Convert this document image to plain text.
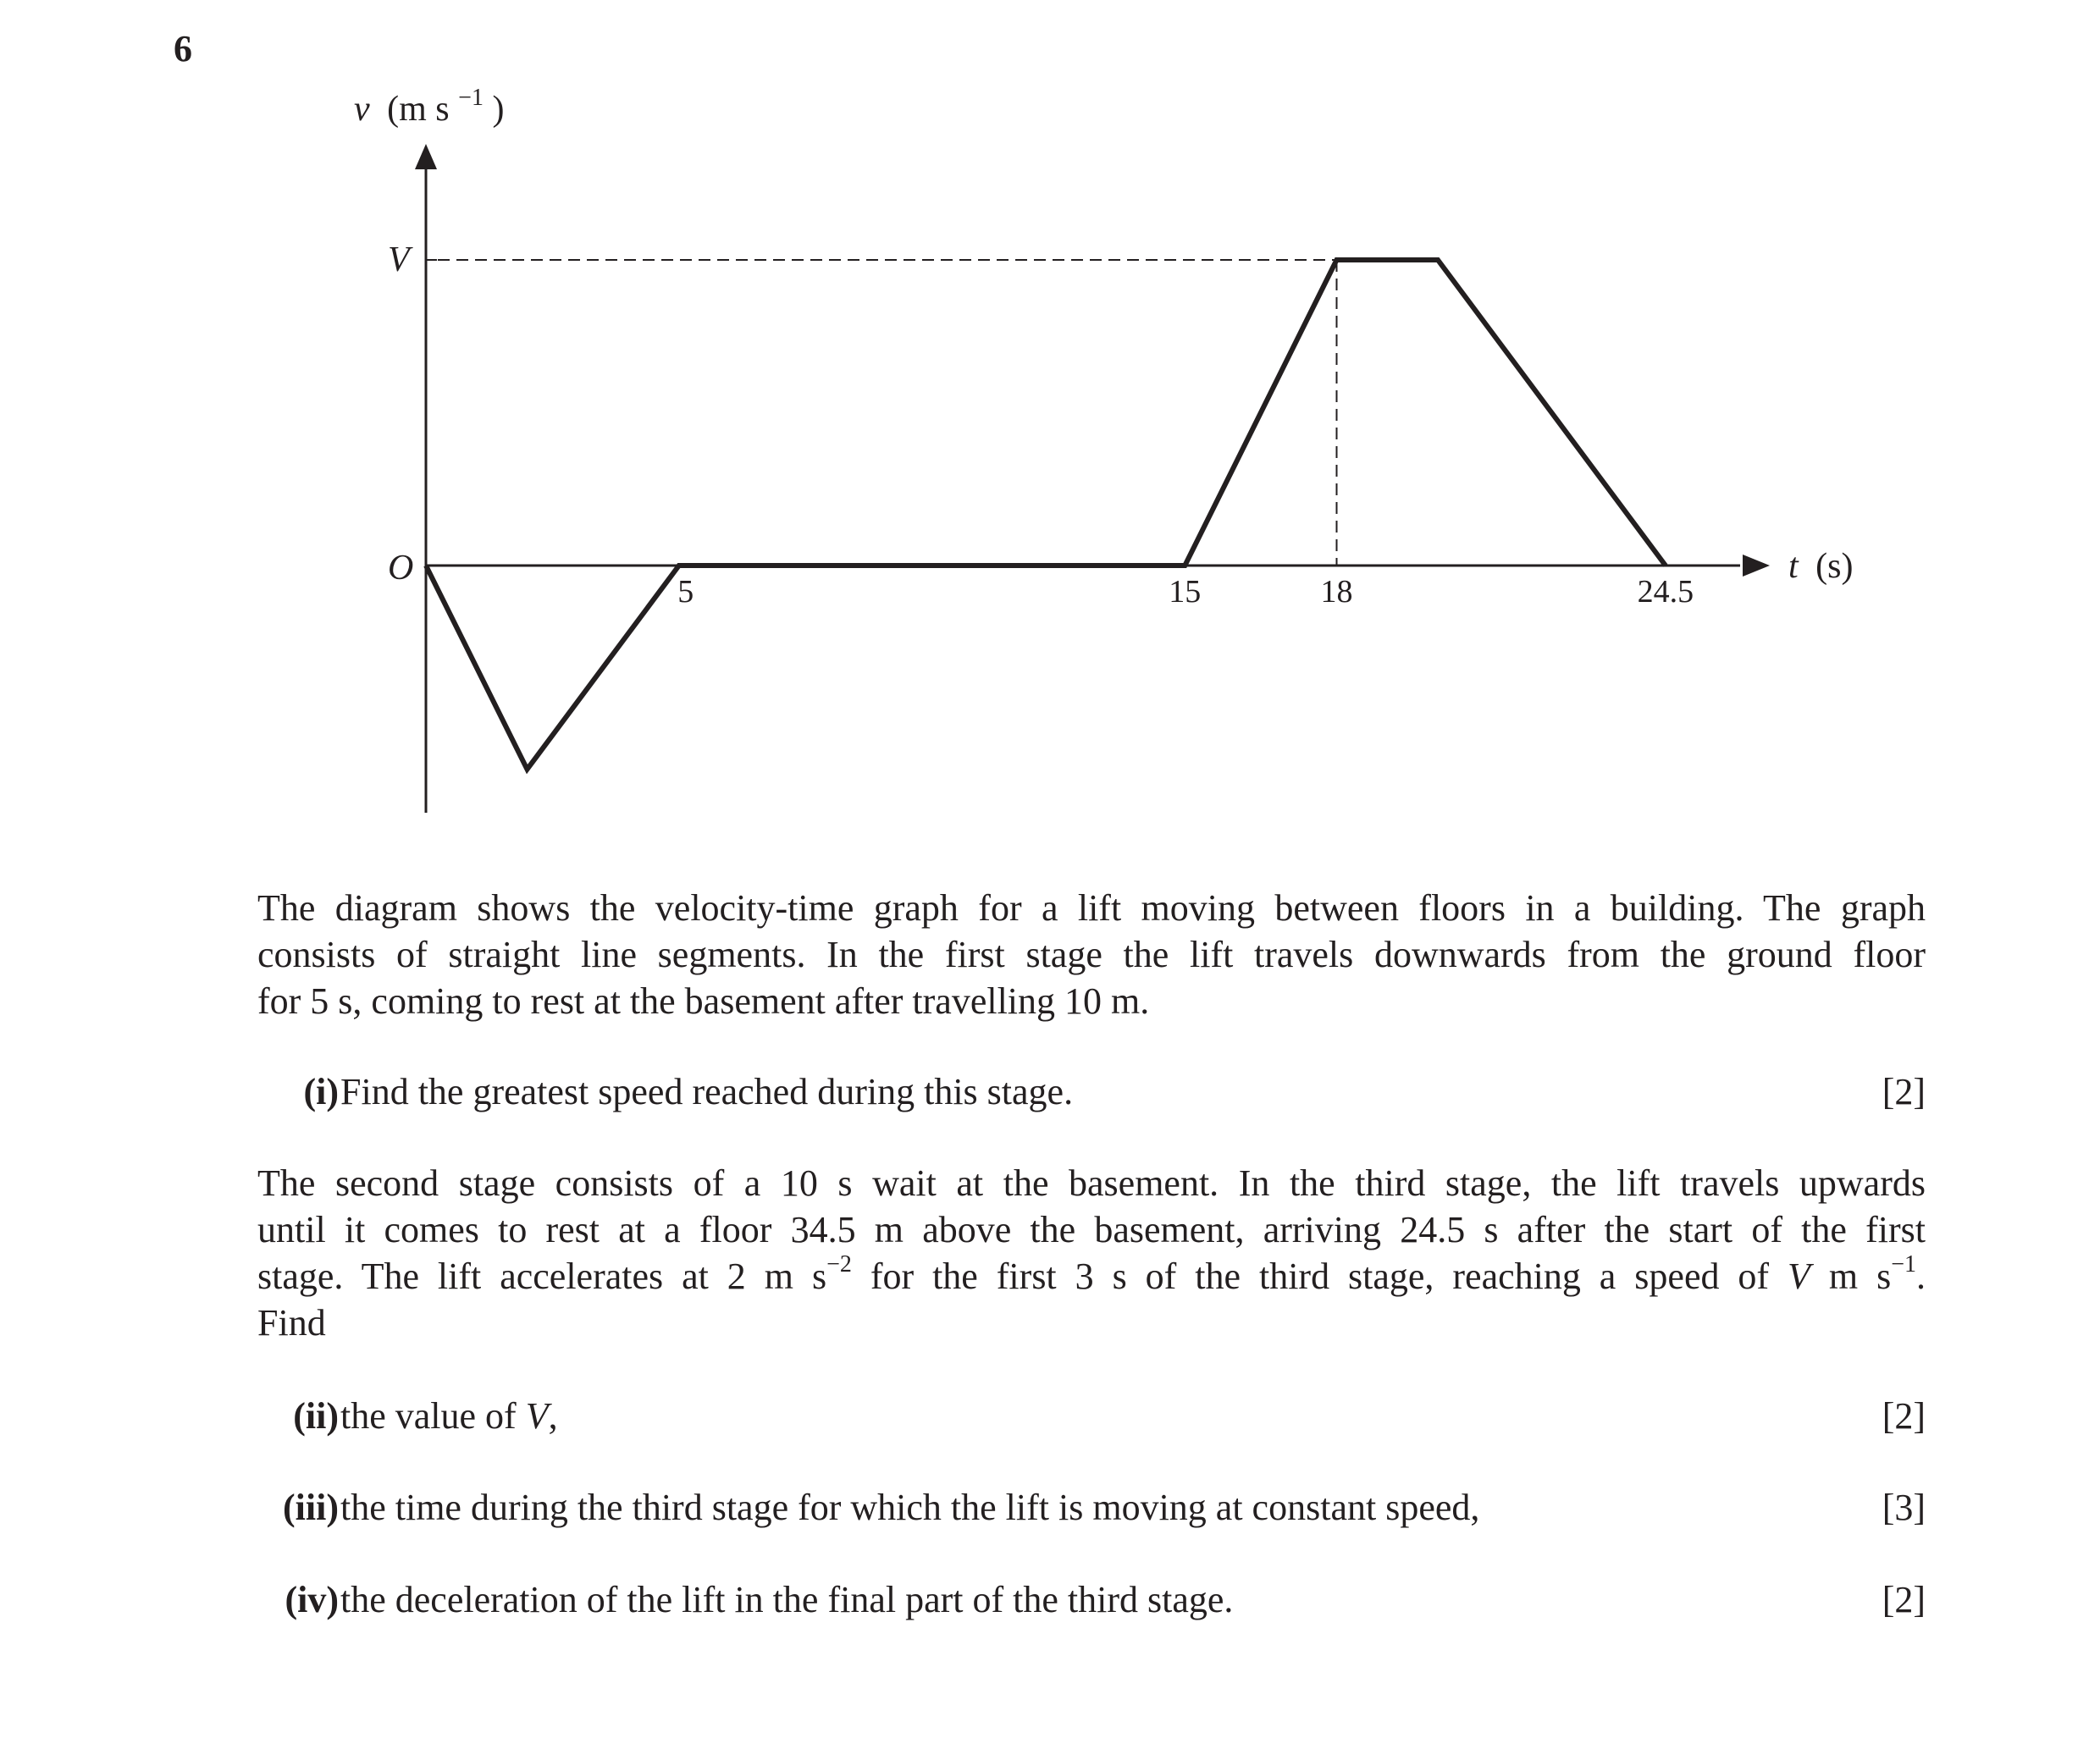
6
v (m s $^{-1}$ )
t (s)
O
V
5	15	18	24.5
The diagram shows the velocity-time graph for a lift moving between floors in a building. The graph
consists of straight line segments. In the first stage the lift travels downwards from the ground floor
for 5 s, coming to rest at the basement after travelling 10 m.
(i) Find the greatest speed reached during this stage.	[2]
The second stage consists of a 10 s wait at the basement. In the third stage, the lift travels upwards
until it comes to rest at a floor 34.5 m above the basement, arriving 24.5 s after the start of the first
stage. The lift accelerates at 2 m $s^{-2}$ for the first 3 s of the third stage, reaching a speed of V m $s^{-1}$.
Find
(ii) the value of V,	[2]
(iii) the time during the third stage for which the lift is moving at constant speed,	[3]
(iv) the deceleration of the lift in the final part of the third stage.	[2]
